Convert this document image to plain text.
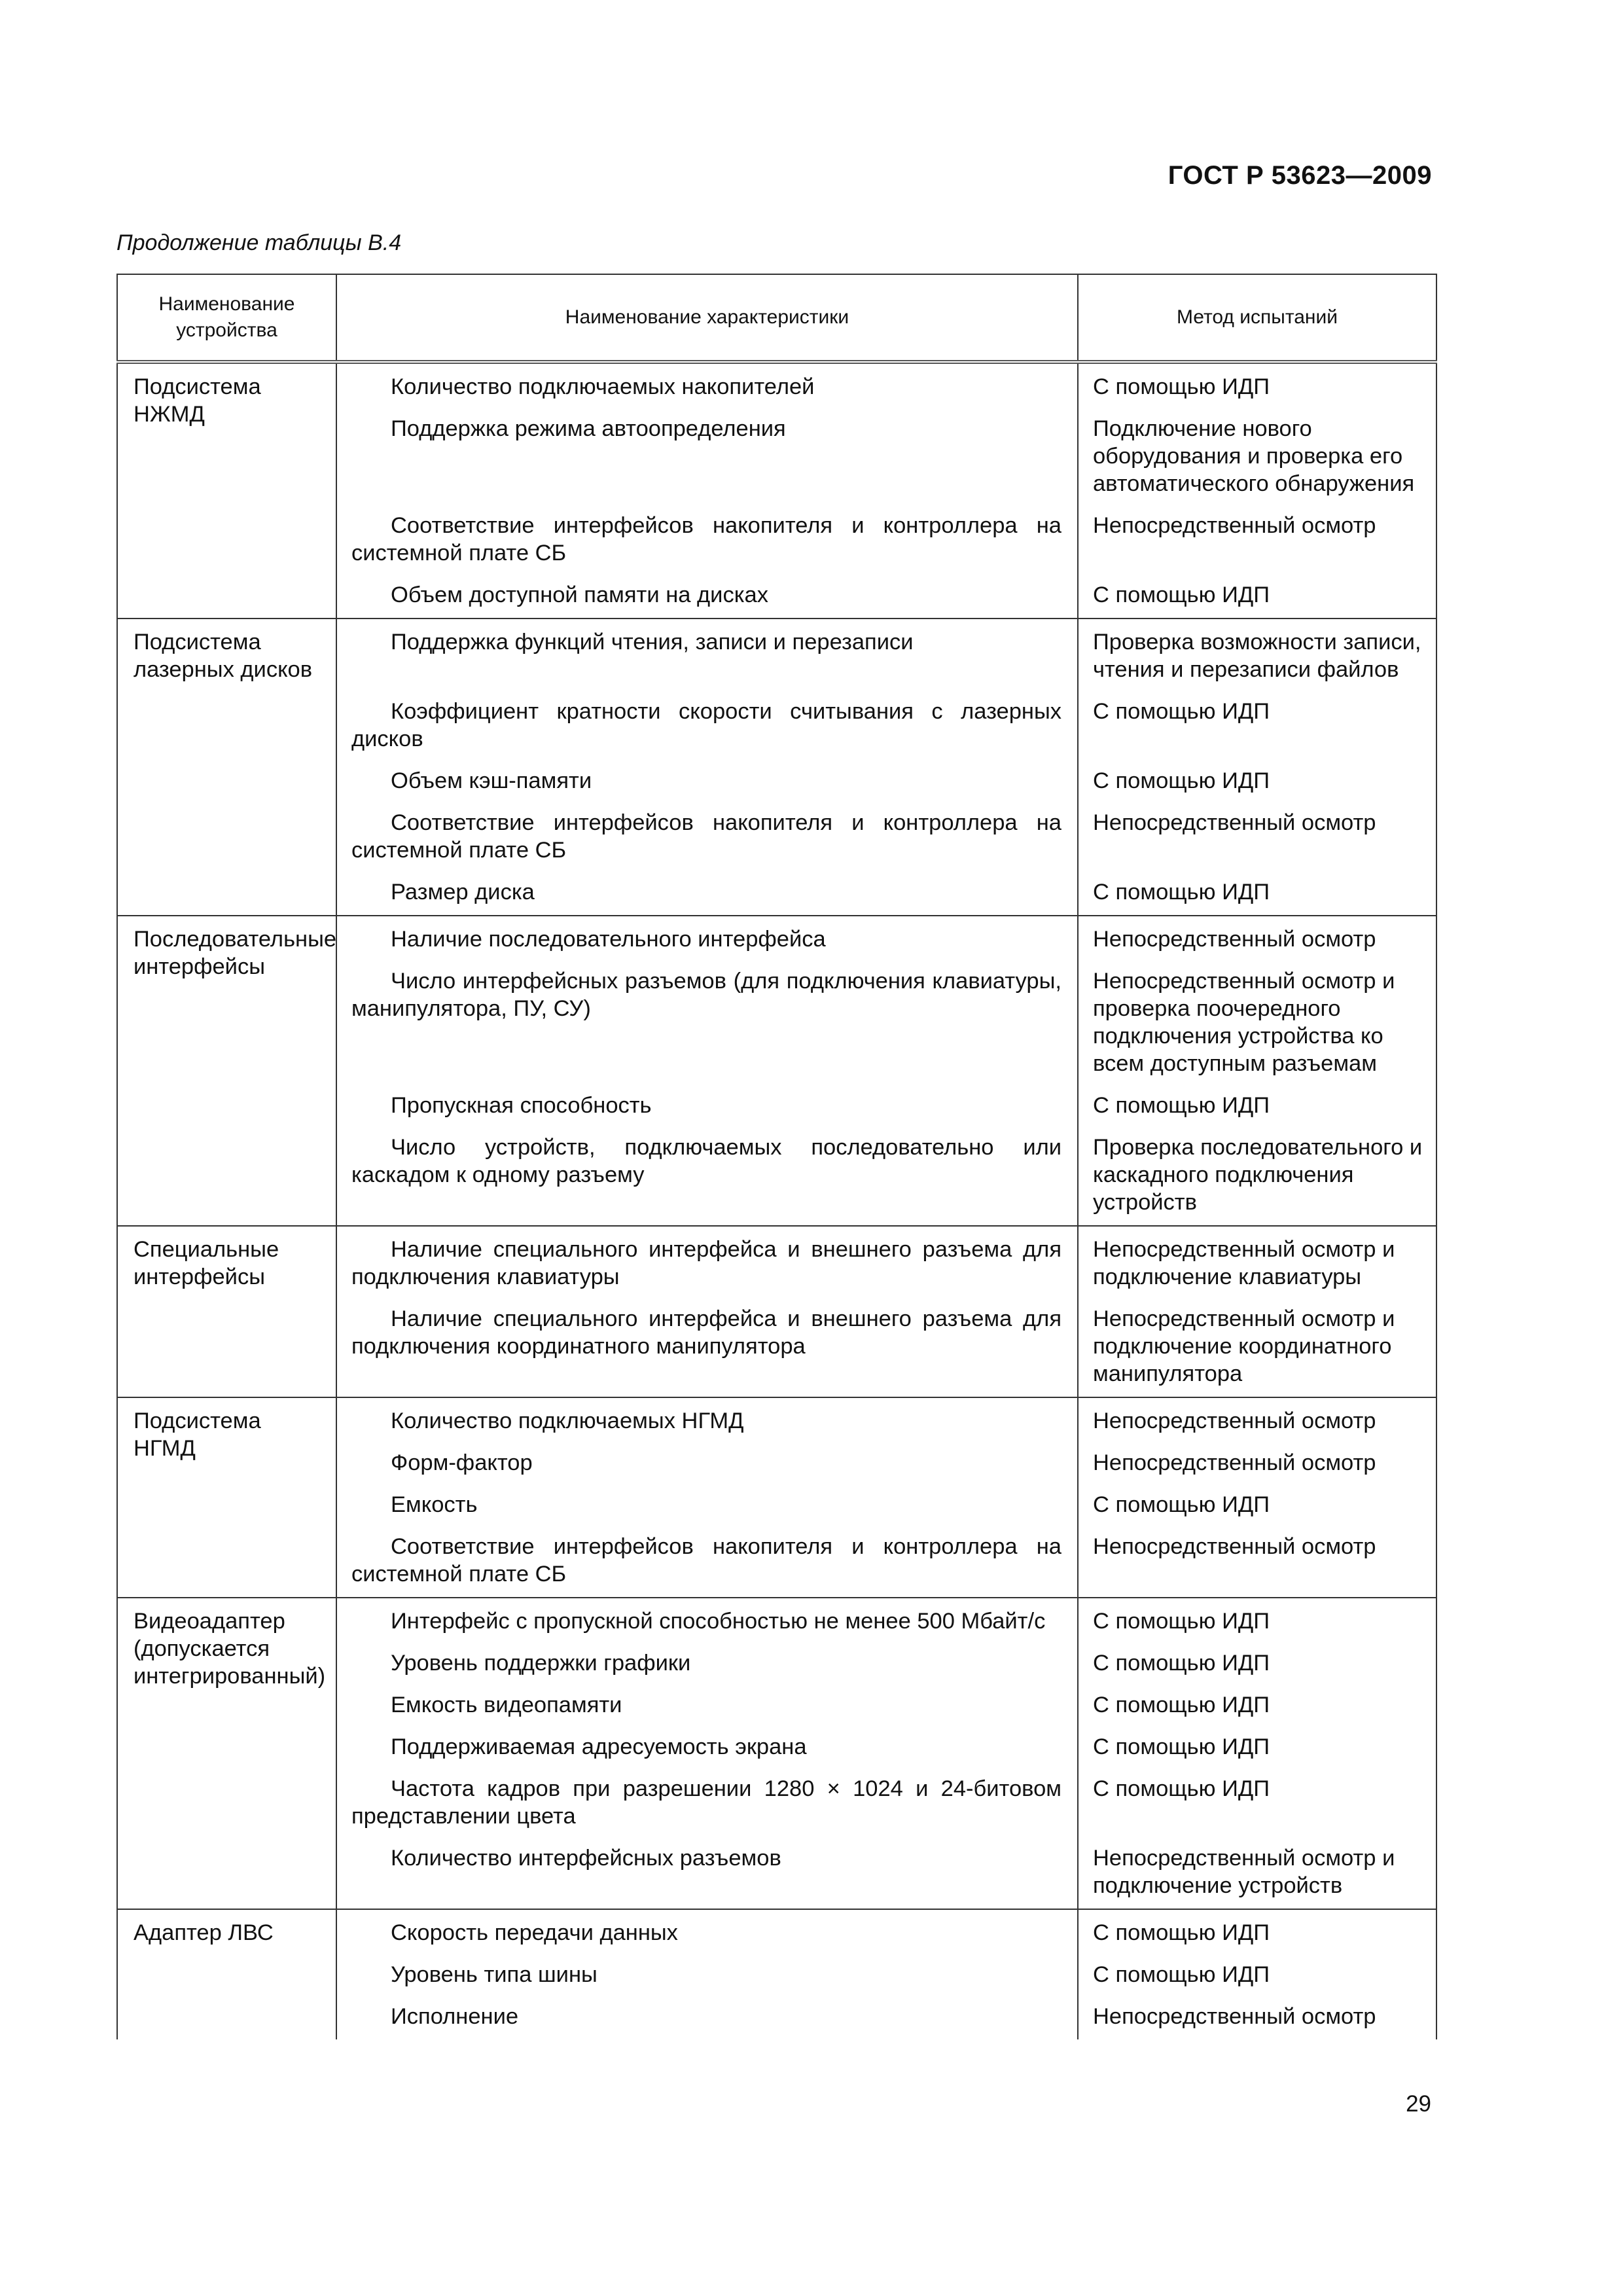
ГОСТ Р 53623—2009
Продолжение таблицы В.4
Наименование устройства	Наименование характеристики	Метод испытаний
Подсистема НЖМД	Количество подключаемых накопителей	С помощью ИДП
	Поддержка режима автоопределения	Подключение нового оборудования и проверка его автоматического обнаружения
	Соответствие интерфейсов накопителя и контроллера на системной плате СБ	Непосредственный осмотр
	Объем доступной памяти на дисках	С помощью ИДП
Подсистема лазерных дисков	Поддержка функций чтения, записи и перезаписи	Проверка возможности записи, чтения и перезаписи файлов
	Коэффициент кратности скорости считывания с лазерных дисков	С помощью ИДП
	Объем кэш-памяти	С помощью ИДП
	Соответствие интерфейсов накопителя и контроллера на системной плате СБ	Непосредственный осмотр
	Размер диска	С помощью ИДП
Последовательные интерфейсы	Наличие последовательного интерфейса	Непосредственный осмотр
	Число интерфейсных разъемов (для подключения клавиатуры, манипулятора, ПУ, СУ)	Непосредственный осмотр и проверка поочередного подключения устройства ко всем доступным разъемам
	Пропускная способность	С помощью ИДП
	Число устройств, подключаемых последовательно или каскадом к одному разъему	Проверка последовательного и каскадного подключения устройств
Специальные интерфейсы	Наличие специального интерфейса и внешнего разъема для подключения клавиатуры	Непосредственный осмотр и подключение клавиатуры
	Наличие специального интерфейса и внешнего разъема для подключения координатного манипулятора	Непосредственный осмотр и подключение координатного манипулятора
Подсистема НГМД	Количество подключаемых НГМД	Непосредственный осмотр
	Форм-фактор	Непосредственный осмотр
	Емкость	С помощью ИДП
	Соответствие интерфейсов накопителя и контроллера на системной плате СБ	Непосредственный осмотр
Видеоадаптер (допускается интегрированный)	Интерфейс с пропускной способностью не менее 500 Мбайт/с	С помощью ИДП
	Уровень поддержки графики	С помощью ИДП
	Емкость видеопамяти	С помощью ИДП
	Поддерживаемая адресуемость экрана	С помощью ИДП
	Частота кадров при разрешении 1280 × 1024 и 24-битовом представлении цвета	С помощью ИДП
	Количество интерфейсных разъемов	Непосредственный осмотр и подключение устройств
Адаптер ЛВС	Скорость передачи данных	С помощью ИДП
	Уровень типа шины	С помощью ИДП
	Исполнение	Непосредственный осмотр
29
